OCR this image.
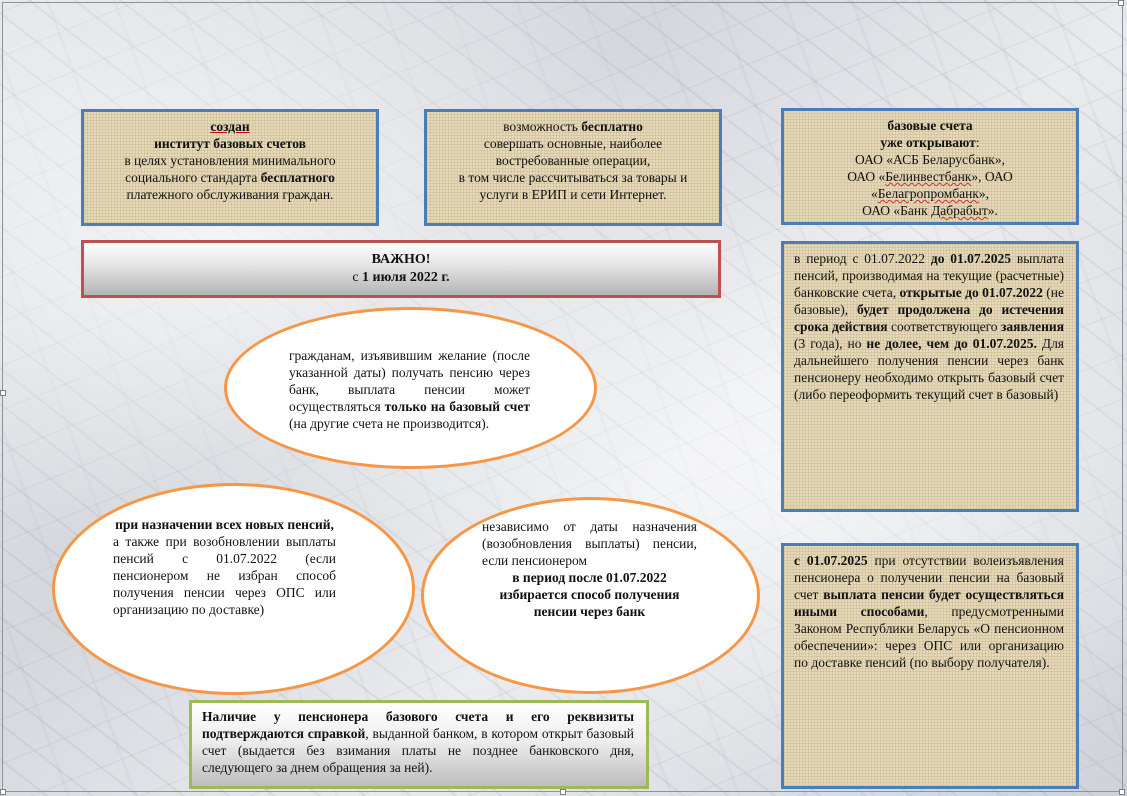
создан
институт базовых счетов
в целях установления минимального
социального стандарта бесплатного
платежного обслуживания граждан.
возможность бесплатно
совершать основные, наиболее
востребованные операции,
в том числе рассчитываться за товары и
услуги в ЕРИП и сети Интернет.
базовые счета
уже открывают:
ОАО «АСБ Беларусбанк»,
ОАО «Белинвестбанк», ОАО
«Белагропромбанк»,
ОАО «Банк Дабрабыт».
ВАЖНО!
с 1 июля 2022 г.
в период с 01.07.2022 до 01.07.2025 выплата пенсий, производимая на текущие (расчетные) банковские счета, открытые до 01.07.2022 (не базовые), будет продолжена до истечения срока действия соответствующего заявления (3 года), но не долее, чем до 01.07.2025. Для дальнейшего получения пенсии через банк пенсионеру необходимо открыть базовый счет (либо переоформить текущий счет в базовый)
гражданам, изъявившим желание (после указанной даты) получать пенсию через банк, выплата пенсии может осуществляться только на базовый счет (на другие счета не производится).
при назначении всех новых пенсий,
а также при возобновлении выплаты пенсий с 01.07.2022 (если пенсионером не избран способ получения пенсии через ОПС или организацию по доставке)
независимо от даты назначения (возобновления выплаты) пенсии, если пенсионером
в период после 01.07.2022 избирается способ получения пенсии через банк
с 01.07.2025 при отсутствии волеизъявления пенсионера о получении пенсии на базовый счет выплата пенсии будет осуществляться иными способами, предусмотренными Законом Республики Беларусь «О пенсионном обеспечении»: через ОПС или организацию по доставке пенсий (по выбору получателя).
Наличие у пенсионера базового счета и его реквизиты подтверждаются справкой, выданной банком, в котором открыт базовый счет (выдается без взимания платы не позднее банковского дня, следующего за днем обращения за ней).
